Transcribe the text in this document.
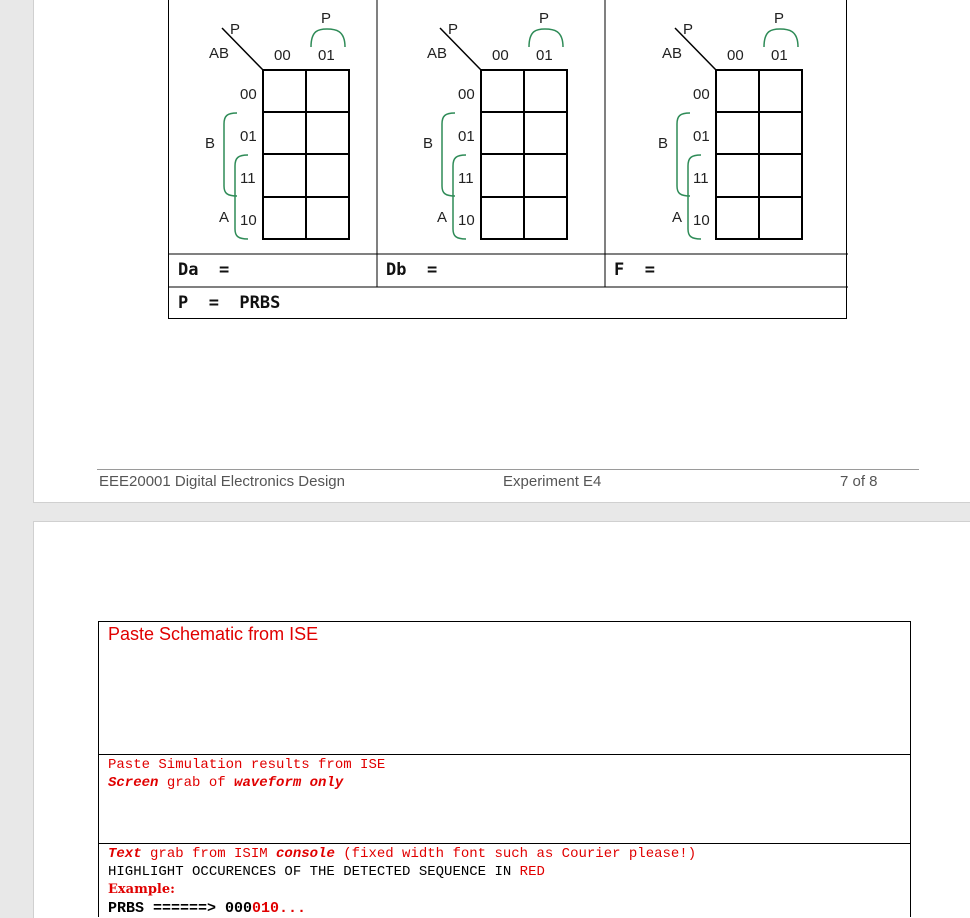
P
AB	00 01
P
00
01
11
10
B
A
P
AB	00 01
P
00
01
11
10
B
A
P
AB	00 01
P
00
01
11
10
B
A
Da  =	Db  =	F  =
P  =  PRBS
EEE20001 Digital Electronics Design	Experiment E4	7 of 8
Paste Schematic from ISE
Paste Simulation results from ISE
Screen grab of waveform only
Text grab from ISIM console (fixed width font such as Courier please!)
HIGHLIGHT OCCURENCES OF THE DETECTED SEQUENCE IN RED
Example:
PRBS ======> 000010...
